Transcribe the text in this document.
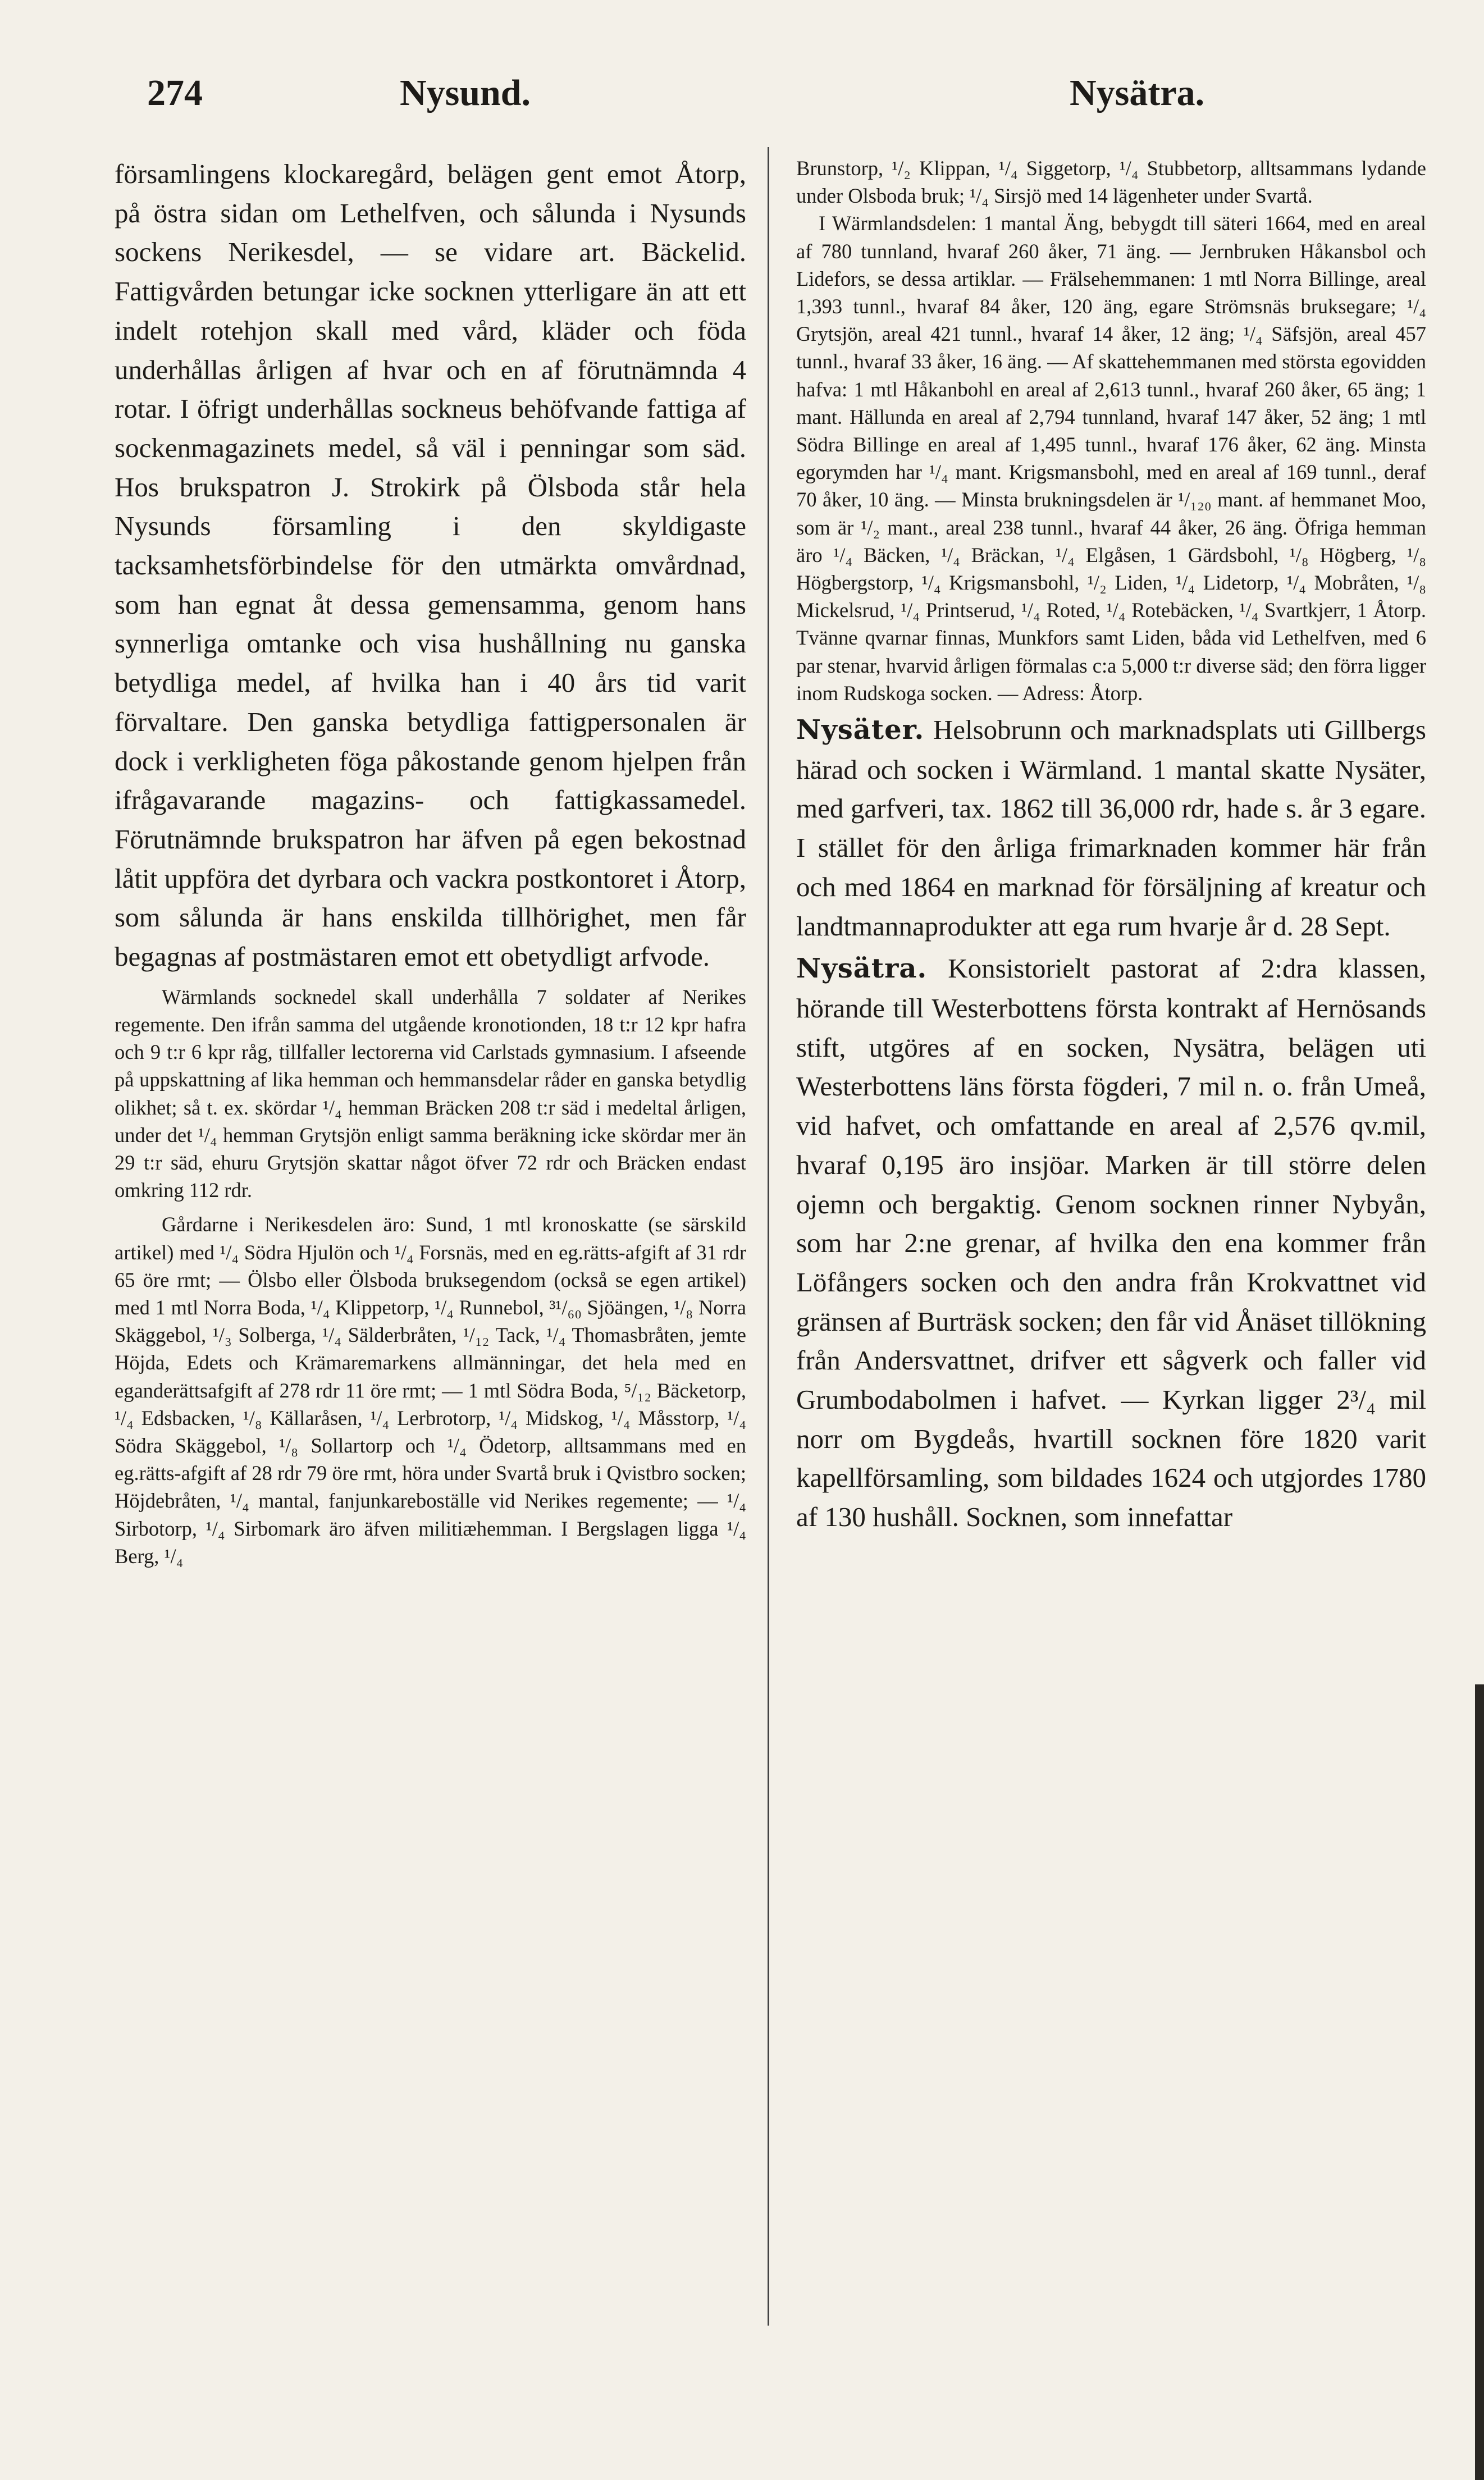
274	Nysund.	Nysätra.

församlingens klockaregård, belägen gent emot Åtorp, på östra sidan om Lethelfven, och sålunda i Nysunds sockens Nerikesdel, — se vidare art. Bäckelid. Fattigvården betungar icke socknen ytterligare än att ett indelt rotehjon skall med vård, kläder och föda underhållas årligen af hvar och en af förutnämnda 4 rotar. I öfrigt underhållas sockneus behöfvande fattiga af sockenmagazinets medel, så väl i penningar som säd. Hos brukspatron J. Strokirk på Ölsboda står hela Nysunds församling i den skyldigaste tacksamhetsförbindelse för den utmärkta omvårdnad, som han egnat åt dessa gemensamma, genom hans synnerliga omtanke och visa hushållning nu ganska betydliga medel, af hvilka han i 40 års tid varit förvaltare. Den ganska betydliga fattigpersonalen är dock i verkligheten föga påkostande genom hjelpen från ifrågavarande magazins- och fattigkassamedel. Förutnämnde brukspatron har äfven på egen bekostnad låtit uppföra det dyrbara och vackra postkontoret i Åtorp, som sålunda är hans enskilda tillhörighet, men får begagnas af postmästaren emot ett obetydligt arfvode.

Wärmlands socknedel skall underhålla 7 soldater af Nerikes regemente. Den ifrån samma del utgående kronotionden, 18 t:r 12 kpr hafra och 9 t:r 6 kpr råg, tillfaller lectorerna vid Carlstads gymnasium. I afseende på uppskattning af lika hemman och hemmansdelar råder en ganska betydlig olikhet; så t. ex. skördar ¹/₄ hemman Bräcken 208 t:r säd i medeltal årligen, under det ¹/₄ hemman Grytsjön enligt samma beräkning icke skördar mer än 29 t:r säd, ehuru Grytsjön skattar något öfver 72 rdr och Bräcken endast omkring 112 rdr.

Gårdarne i Nerikesdelen äro: Sund, 1 mtl kronoskatte (se särskild artikel) med ¹/₄ Södra Hjulön och ¹/₄ Forsnäs, med en eg.rätts-afgift af 31 rdr 65 öre rmt; — Ölsbo eller Ölsboda bruksegendom (också se egen artikel) med 1 mtl Norra Boda, ¹/₄ Klippetorp, ¹/₄ Runnebol, ³¹/₆₀ Sjöängen, ¹/₈ Norra Skäggebol, ¹/₃ Solberga, ¹/₄ Sälderbråten, ¹/₁₂ Tack, ¹/₄ Thomasbråten, jemte Höjda, Edets och Krämaremarkens allmänningar, det hela med en eganderättsafgift af 278 rdr 11 öre rmt; — 1 mtl Södra Boda, ⁵/₁₂ Bäcketorp, ¹/₄ Edsbacken, ¹/₈ Källaråsen, ¹/₄ Lerbrotorp, ¹/₄ Midskog, ¹/₄ Måsstorp, ¹/₄ Södra Skäggebol, ¹/₈ Sollartorp och ¹/₄ Ödetorp, alltsammans med en eg.rätts-afgift af 28 rdr 79 öre rmt, höra under Svartå bruk i Qvistbro socken; Höjdebråten, ¹/₄ mantal, fanjunkareboställe vid Nerikes regemente; — ¹/₄ Sirbotorp, ¹/₄ Sirbomark äro äfven militiæhemman. I Bergslagen ligga ¹/₄ Berg, ¹/₄

Brunstorp, ¹/₂ Klippan, ¹/₄ Siggetorp, ¹/₄ Stubbetorp, alltsammans lydande under Olsboda bruk; ¹/₄ Sirsjö med 14 lägenheter under Svartå.

I Wärmlandsdelen: 1 mantal Äng, bebygdt till säteri 1664, med en areal af 780 tunnland, hvaraf 260 åker, 71 äng. — Jernbruken Håkansbol och Lidefors, se dessa artiklar. — Frälsehemmanen: 1 mtl Norra Billinge, areal 1,393 tunnl., hvaraf 84 åker, 120 äng, egare Strömsnäs bruksegare; ¹/₄ Grytsjön, areal 421 tunnl., hvaraf 14 åker, 12 äng; ¹/₄ Säfsjön, areal 457 tunnl., hvaraf 33 åker, 16 äng. — Af skattehemmanen med största egovidden hafva: 1 mtl Håkanbohl en areal af 2,613 tunnl., hvaraf 260 åker, 65 äng; 1 mant. Hällunda en areal af 2,794 tunnland, hvaraf 147 åker, 52 äng; 1 mtl Södra Billinge en areal af 1,495 tunnl., hvaraf 176 åker, 62 äng. Minsta egorymden har ¹/₄ mant. Krigsmansbohl, med en areal af 169 tunnl., deraf 70 åker, 10 äng. — Minsta brukningsdelen är ¹/₁₂₀ mant. af hemmanet Moo, som är ¹/₂ mant., areal 238 tunnl., hvaraf 44 åker, 26 äng. Öfriga hemman äro ¹/₄ Bäcken, ¹/₄ Bräckan, ¹/₄ Elgåsen, 1 Gärdsbohl, ¹/₈ Högberg, ¹/₈ Högbergstorp, ¹/₄ Krigsmansbohl, ¹/₂ Liden, ¹/₄ Lidetorp, ¹/₄ Mobråten, ¹/₈ Mickelsrud, ¹/₄ Printserud, ¹/₄ Roted, ¹/₄ Rotebäcken, ¹/₄ Svartkjerr, 1 Åtorp. Tvänne qvarnar finnas, Munkfors samt Liden, båda vid Lethelfven, med 6 par stenar, hvarvid årligen förmalas c:a 5,000 t:r diverse säd; den förra ligger inom Rudskoga socken. — Adress: Åtorp.

Nysäter. Helsobrunn och marknadsplats uti Gillbergs härad och socken i Wärmland. 1 mantal skatte Nysäter, med garfveri, tax. 1862 till 36,000 rdr, hade s. år 3 egare. I stället för den årliga frimarknaden kommer här från och med 1864 en marknad för försäljning af kreatur och landtmannaprodukter att ega rum hvarje år d. 28 Sept.

Nysätra. Konsistorielt pastorat af 2:dra klassen, hörande till Westerbottens första kontrakt af Hernösands stift, utgöres af en socken, Nysätra, belägen uti Westerbottens läns första fögderi, 7 mil n. o. från Umeå, vid hafvet, och omfattande en areal af 2,576 qv.mil, hvaraf 0,195 äro insjöar. Marken är till större delen ojemn och bergaktig. Genom socknen rinner Nybyån, som har 2:ne grenar, af hvilka den ena kommer från Löfångers socken och den andra från Krokvattnet vid gränsen af Burträsk socken; den får vid Ånäset tillökning från Andersvattnet, drifver ett sågverk och faller vid Grumbodabolmen i hafvet. — Kyrkan ligger 2³/₄ mil norr om Bygdeås, hvartill socknen före 1820 varit kapellförsamling, som bildades 1624 och utgjordes 1780 af 130 hushåll. Socknen, som innefattar
